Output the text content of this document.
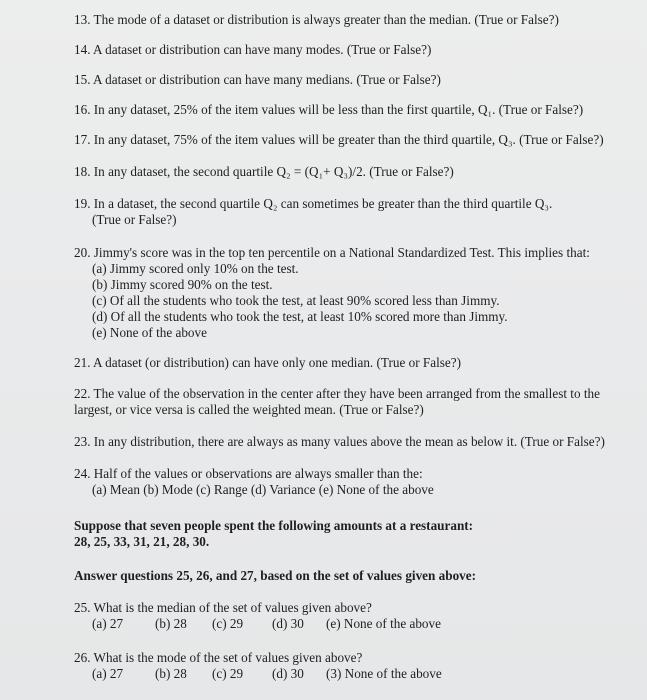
13. The mode of a dataset or distribution is always greater than the median. (True or False?)
14. A dataset or distribution can have many modes. (True or False?)
15. A dataset or distribution can have many medians. (True or False?)
16. In any dataset, 25% of the item values will be less than the first quartile, Q₁. (True or False?)
17. In any dataset, 75% of the item values will be greater than the third quartile, Q₃. (True or False?)
18. In any dataset, the second quartile Q₂ = (Q₁+ Q₃)/2. (True or False?)
19. In a dataset, the second quartile Q₂ can sometimes be greater than the third quartile Q₃.
(True or False?)
20. Jimmy's score was in the top ten percentile on a National Standardized Test. This implies that:
(a) Jimmy scored only 10% on the test.
(b) Jimmy scored 90% on the test.
(c) Of all the students who took the test, at least 90% scored less than Jimmy.
(d) Of all the students who took the test, at least 10% scored more than Jimmy.
(e) None of the above
21. A dataset (or distribution) can have only one median. (True or False?)
22. The value of the observation in the center after they have been arranged from the smallest to the
largest, or vice versa is called the weighted mean. (True or False?)
23. In any distribution, there are always as many values above the mean as below it. (True or False?)
24. Half of the values or observations are always smaller than the:
(a) Mean (b) Mode (c) Range (d) Variance (e) None of the above
Suppose that seven people spent the following amounts at a restaurant:
28, 25, 33, 31, 21, 28, 30.
Answer questions 25, 26, and 27, based on the set of values given above:
25. What is the median of the set of values given above?
(a) 27 (b) 28 (c) 29 (d) 30 (e) None of the above
26. What is the mode of the set of values given above?
(a) 27 (b) 28 (c) 29 (d) 30 (3) None of the above
